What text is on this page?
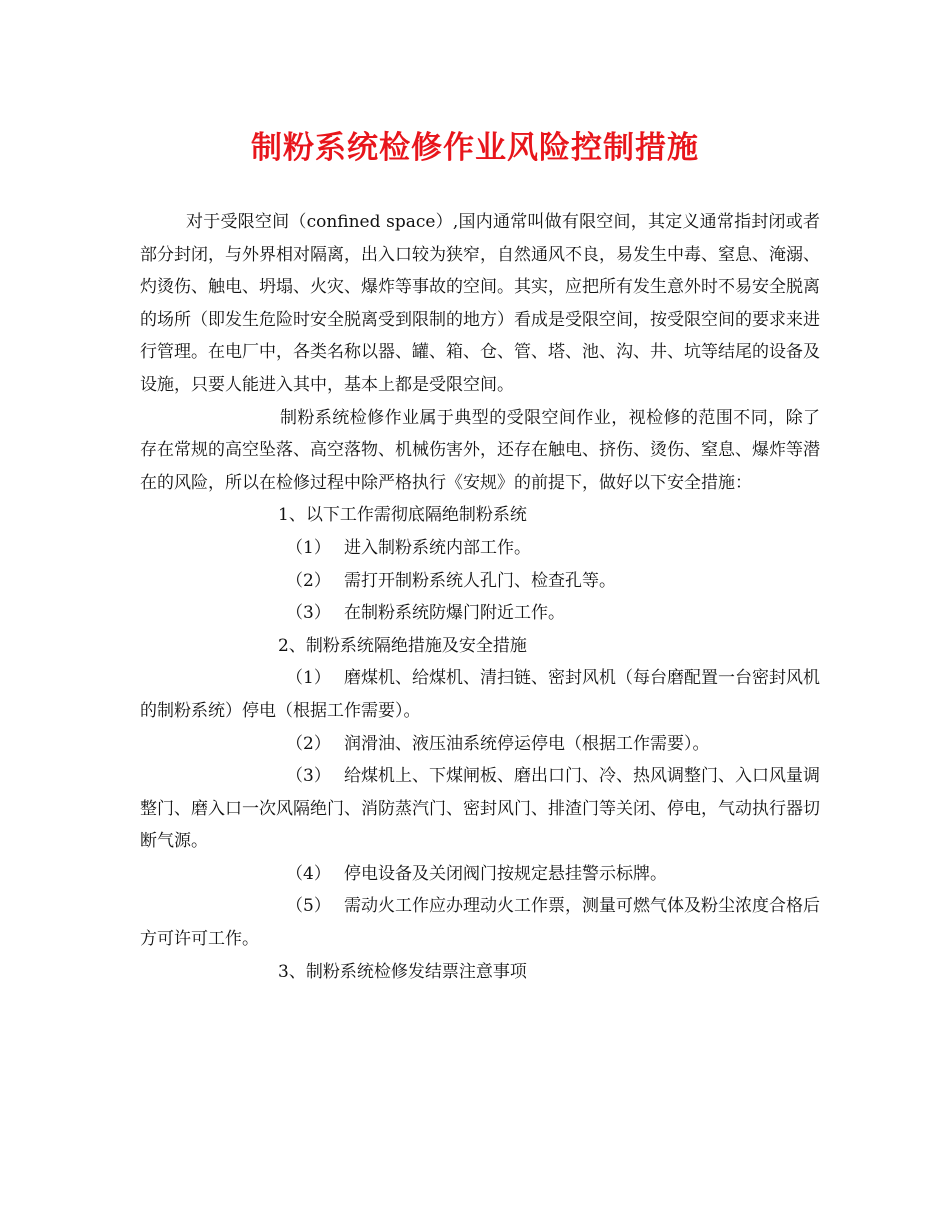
制粉系统检修作业风险控制措施

对于受限空间（confined space）,国内通常叫做有限空间，其定义通常指封闭或者部分封闭，与外界相对隔离，出入口较为狭窄，自然通风不良，易发生中毒、窒息、淹溺、灼烫伤、触电、坍塌、火灾、爆炸等事故的空间。其实，应把所有发生意外时不易安全脱离的场所（即发生危险时安全脱离受到限制的地方）看成是受限空间，按受限空间的要求来进行管理。在电厂中，各类名称以器、罐、箱、仓、管、塔、池、沟、井、坑等结尾的设备及设施，只要人能进入其中，基本上都是受限空间。

制粉系统检修作业属于典型的受限空间作业，视检修的范围不同，除了存在常规的高空坠落、高空落物、机械伤害外，还存在触电、挤伤、烫伤、窒息、爆炸等潜在的风险，所以在检修过程中除严格执行《安规》的前提下，做好以下安全措施：

1、以下工作需彻底隔绝制粉系统

（1） 进入制粉系统内部工作。

（2） 需打开制粉系统人孔门、检查孔等。

（3） 在制粉系统防爆门附近工作。

2、制粉系统隔绝措施及安全措施

（1） 磨煤机、给煤机、清扫链、密封风机（每台磨配置一台密封风机的制粉系统）停电（根据工作需要）。

（2） 润滑油、液压油系统停运停电（根据工作需要）。

（3） 给煤机上、下煤闸板、磨出口门、冷、热风调整门、入口风量调整门、磨入口一次风隔绝门、消防蒸汽门、密封风门、排渣门等关闭、停电，气动执行器切断气源。

（4） 停电设备及关闭阀门按规定悬挂警示标牌。

（5） 需动火工作应办理动火工作票，测量可燃气体及粉尘浓度合格后方可许可工作。

3、制粉系统检修发结票注意事项
